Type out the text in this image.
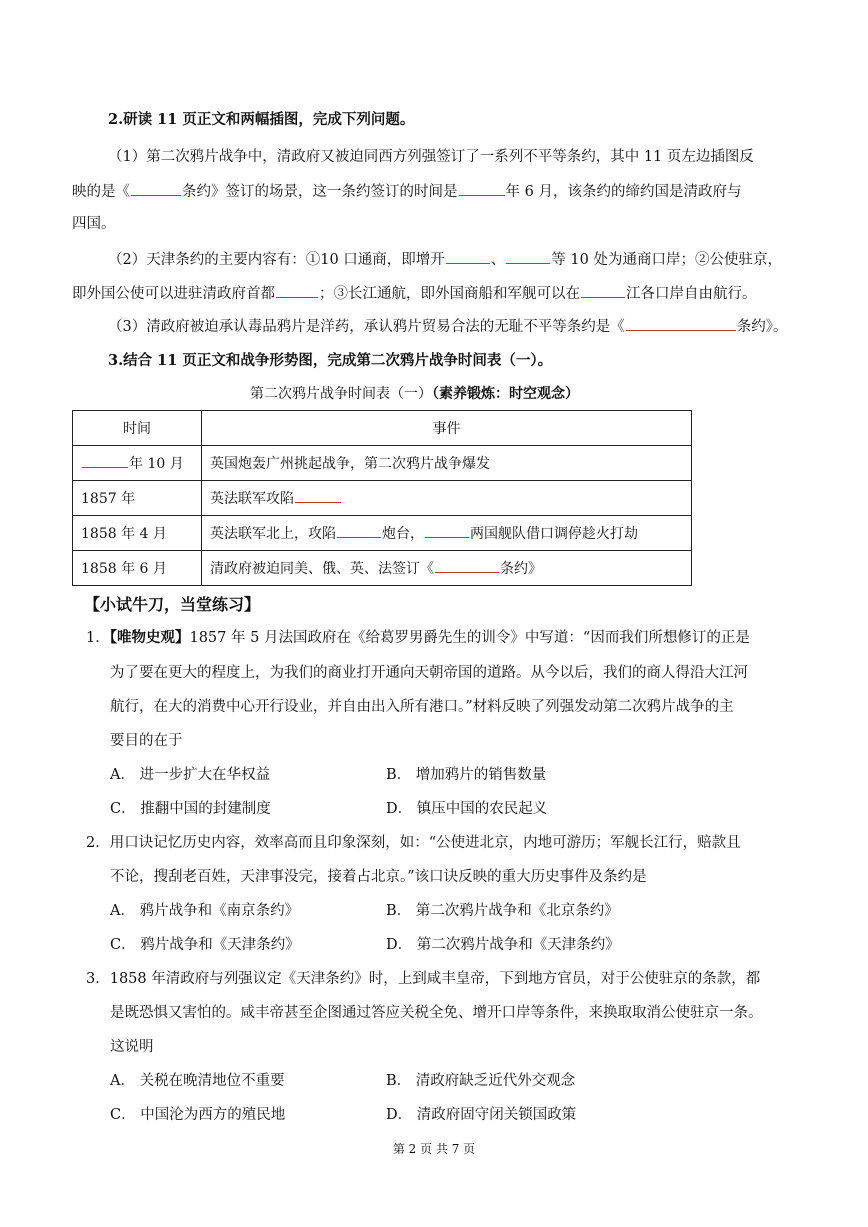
2.研读 11 页正文和两幅插图，完成下列问题。
（1）第二次鸦片战争中，清政府又被迫同西方列强签订了一系列不平等条约，其中 11 页左边插图反
映的是《	条约》签订的场景，这一条约签订的时间是	年 6 月，该条约的缔约国是清政府与
四国。
（2）天津条约的主要内容有：①10 口通商，即增开	、	等 10 处为通商口岸；②公使驻京，
即外国公使可以进驻清政府首都	；③长江通航，即外国商船和军舰可以在	江各口岸自由航行。
（3）清政府被迫承认毒品鸦片是洋药，承认鸦片贸易合法的无耻不平等条约是《	条约》。
3.结合 11 页正文和战争形势图，完成第二次鸦片战争时间表（一）。
第二次鸦片战争时间表（一）（素养锻炼：时空观念）
时间	事件
年 10 月	英国炮轰广州挑起战争，第二次鸦片战争爆发
1857 年	英法联军攻陷
1858 年 4 月	英法联军北上，攻陷 炮台， 两国舰队借口调停趁火打劫
1858 年 6 月	清政府被迫同美、俄、英、法签订《 条约》
【小试牛刀，当堂练习】
1．【唯物史观】1857 年 5 月法国政府在《给葛罗男爵先生的训令》中写道：“因而我们所想修订的正是
为了要在更大的程度上，为我们的商业打开通向天朝帝国的道路。从今以后，我们的商人得沿大江河
航行，在大的消费中心开行设业，并自由出入所有港口。”材料反映了列强发动第二次鸦片战争的主
要目的在于
A． 进一步扩大在华权益	B． 增加鸦片的销售数量
C． 推翻中国的封建制度	D． 镇压中国的农民起义
2．用口诀记忆历史内容，效率高而且印象深刻，如：“公使进北京，内地可游历；军舰长江行，赔款且
不论，搜刮老百姓，天津事没完，接着占北京。”该口诀反映的重大历史事件及条约是
A． 鸦片战争和《南京条约》	B． 第二次鸦片战争和《北京条约》
C． 鸦片战争和《天津条约》	D． 第二次鸦片战争和《天津条约》
3．1858 年清政府与列强议定《天津条约》时，上到咸丰皇帝，下到地方官员，对于公使驻京的条款，都
是既恐惧又害怕的。咸丰帝甚至企图通过答应关税全免、增开口岸等条件，来换取取消公使驻京一条。
这说明
A． 关税在晚清地位不重要	B． 清政府缺乏近代外交观念
C． 中国沦为西方的殖民地	D． 清政府固守闭关锁国政策
第 2 页 共 7 页
